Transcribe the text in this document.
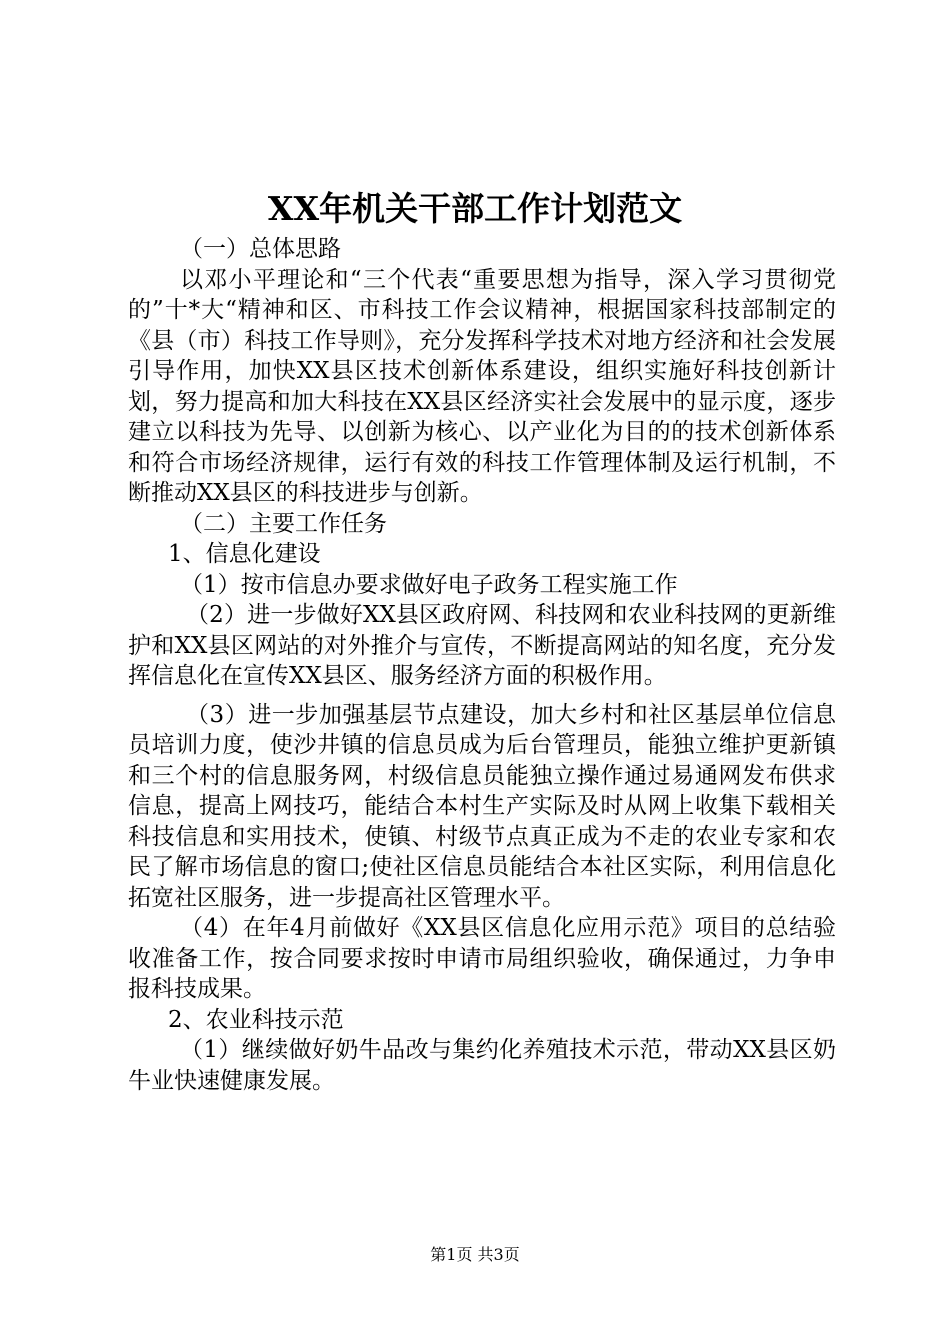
XX年机关干部工作计划范文

（一）总体思路

以邓小平理论和“三个代表“重要思想为指导，深入学习贯彻党的”十*大“精神和区、市科技工作会议精神，根据国家科技部制定的《县（市）科技工作导则》，充分发挥科学技术对地方经济和社会发展引导作用，加快XX县区技术创新体系建设，组织实施好科技创新计划，努力提高和加大科技在XX县区经济实社会发展中的显示度，逐步建立以科技为先导、以创新为核心、以产业化为目的的技术创新体系和符合市场经济规律，运行有效的科技工作管理体制及运行机制，不断推动XX县区的科技进步与创新。

（二）主要工作任务

1、信息化建设

（1）按市信息办要求做好电子政务工程实施工作

（2）进一步做好XX县区政府网、科技网和农业科技网的更新维护和XX县区网站的对外推介与宣传，不断提高网站的知名度，充分发挥信息化在宣传XX县区、服务经济方面的积极作用。

（3）进一步加强基层节点建设，加大乡村和社区基层单位信息员培训力度，使沙井镇的信息员成为后台管理员，能独立维护更新镇和三个村的信息服务网，村级信息员能独立操作通过易通网发布供求信息，提高上网技巧，能结合本村生产实际及时从网上收集下载相关科技信息和实用技术，使镇、村级节点真正成为不走的农业专家和农民了解市场信息的窗口;使社区信息员能结合本社区实际，利用信息化拓宽社区服务，进一步提高社区管理水平。

（4）在年4月前做好《XX县区信息化应用示范》项目的总结验收准备工作，按合同要求按时申请市局组织验收，确保通过，力争申报科技成果。

2、农业科技示范

（1）继续做好奶牛品改与集约化养殖技术示范，带动XX县区奶牛业快速健康发展。

第1页 共3页
